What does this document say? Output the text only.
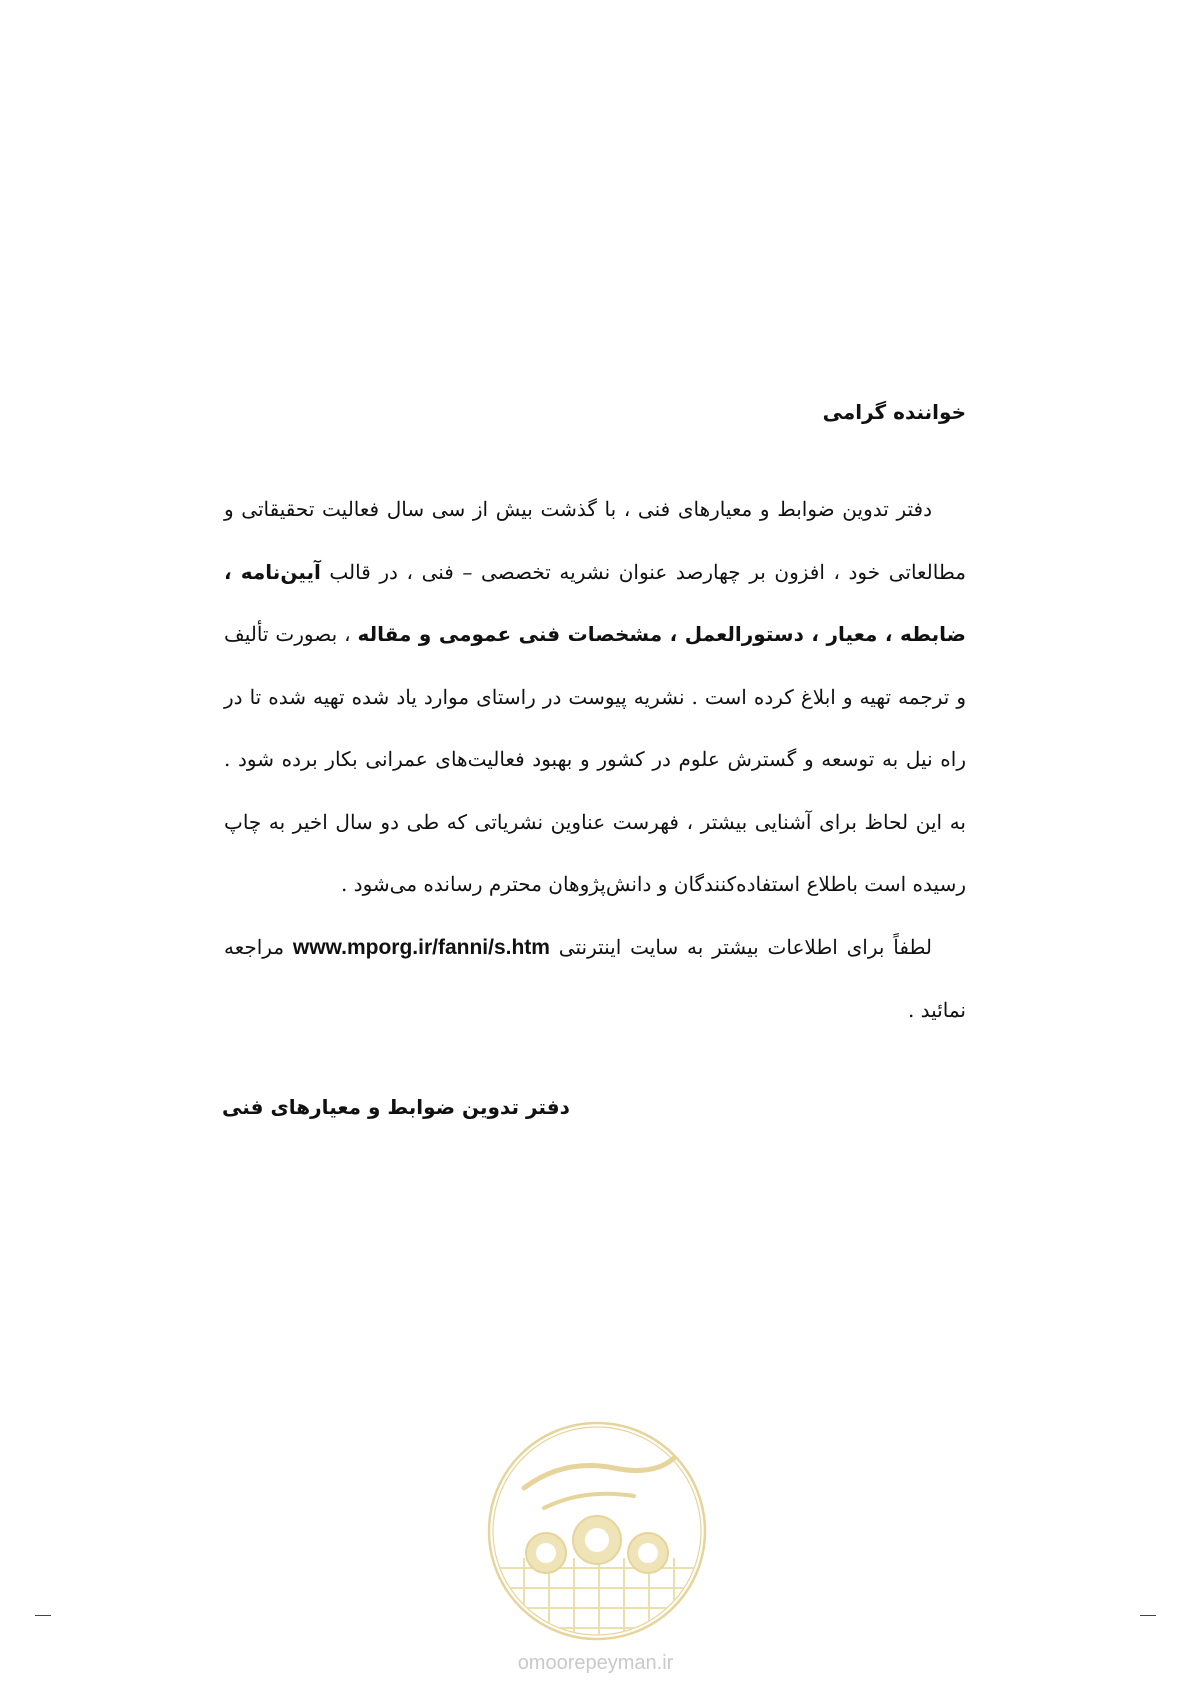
خواننده گرامی

دفتر تدوین ضوابط و معیارهای فنی ، با گذشت بیش از سی سال فعالیت تحقیقاتی و مطالعاتی خود ، افزون بر چهارصد عنوان نشریه تخصصی – فنی ، در قالب آیین‌نامه ، ضابطه ، معیار ، دستورالعمل ، مشخصات فنی عمومی و مقاله ، بصورت تألیف و ترجمه تهیه و ابلاغ کرده است . نشریه پیوست در راستای موارد یاد شده تهیه شده تا در راه نیل به توسعه و گسترش علوم در کشور و بهبود فعالیت‌های عمرانی بکار برده شود . به این لحاظ برای آشنایی بیشتر ، فهرست عناوین نشریاتی که طی دو سال اخیر به چاپ رسیده است باطلاع استفاده‌کنندگان و دانش‌پژوهان محترم رسانده می‌شود .

لطفاً برای اطلاعات بیشتر به سایت اینترنتی www.mporg.ir/fanni/s.htm مراجعه نمائید .

دفتر تدوین ضوابط و معیارهای فنی

omoorepeyman.ir
